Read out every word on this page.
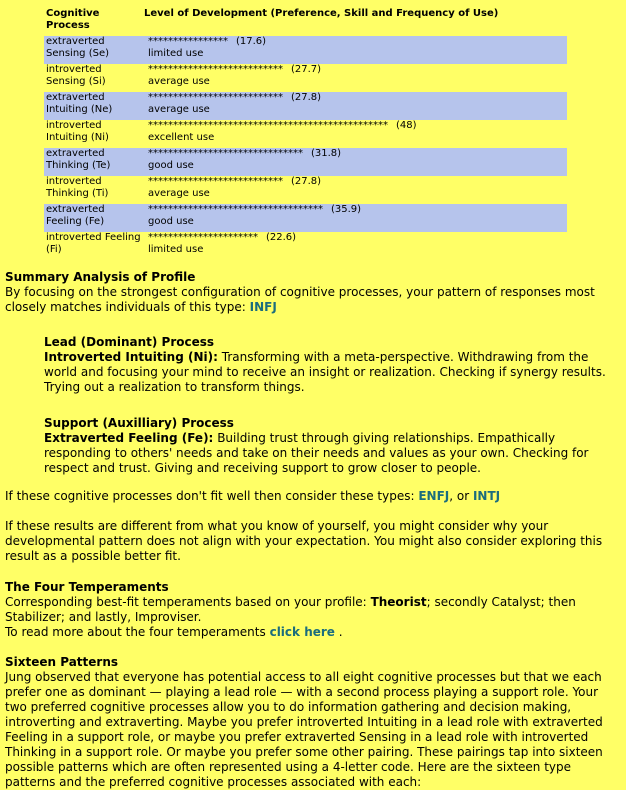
Cognitive
Process	Level of Development (Preference, Skill and Frequency of Use)
extraverted
Sensing (Se)	**************** (17.6)
limited use
introverted
Sensing (Si)	*************************** (27.7)
average use
extraverted
Intuiting (Ne)	*************************** (27.8)
average use
introverted
Intuiting (Ni)	************************************************ (48)
excellent use
extraverted
Thinking (Te)	******************************* (31.8)
good use
introverted
Thinking (Ti)	*************************** (27.8)
average use
extraverted
Feeling (Fe)	*********************************** (35.9)
good use
introverted Feeling
(Fi)	********************** (22.6)
limited use
Summary Analysis of Profile

By focusing on the strongest configuration of cognitive processes, your pattern of responses most closely matches individuals of this type: INFJ

Lead (Dominant) Process

Introverted Intuiting (Ni): Transforming with a meta-perspective. Withdrawing from the world and focusing your mind to receive an insight or realization. Checking if synergy results. Trying out a realization to transform things.

Support (Auxilliary) Process

Extraverted Feeling (Fe): Building trust through giving relationships. Empathically responding to others' needs and take on their needs and values as your own. Checking for respect and trust. Giving and receiving support to grow closer to people.

If these cognitive processes don't fit well then consider these types: ENFJ, or INTJ

If these results are different from what you know of yourself, you might consider why your developmental pattern does not align with your expectation. You might also consider exploring this result as a possible better fit.

The Four Temperaments

Corresponding best-fit temperaments based on your profile: Theorist; secondly Catalyst; then Stabilizer; and lastly, Improviser.

To read more about the four temperaments click here .

Sixteen Patterns

Jung observed that everyone has potential access to all eight cognitive processes but that we each prefer one as dominant — playing a lead role — with a second process playing a support role. Your two preferred cognitive processes allow you to do information gathering and decision making, introverting and extraverting. Maybe you prefer introverted Intuiting in a lead role with extraverted Feeling in a support role, or maybe you prefer extraverted Sensing in a lead role with introverted Thinking in a support role. Or maybe you prefer some other pairing. These pairings tap into sixteen possible patterns which are often represented using a 4-letter code. Here are the sixteen type patterns and the preferred cognitive processes associated with each:
